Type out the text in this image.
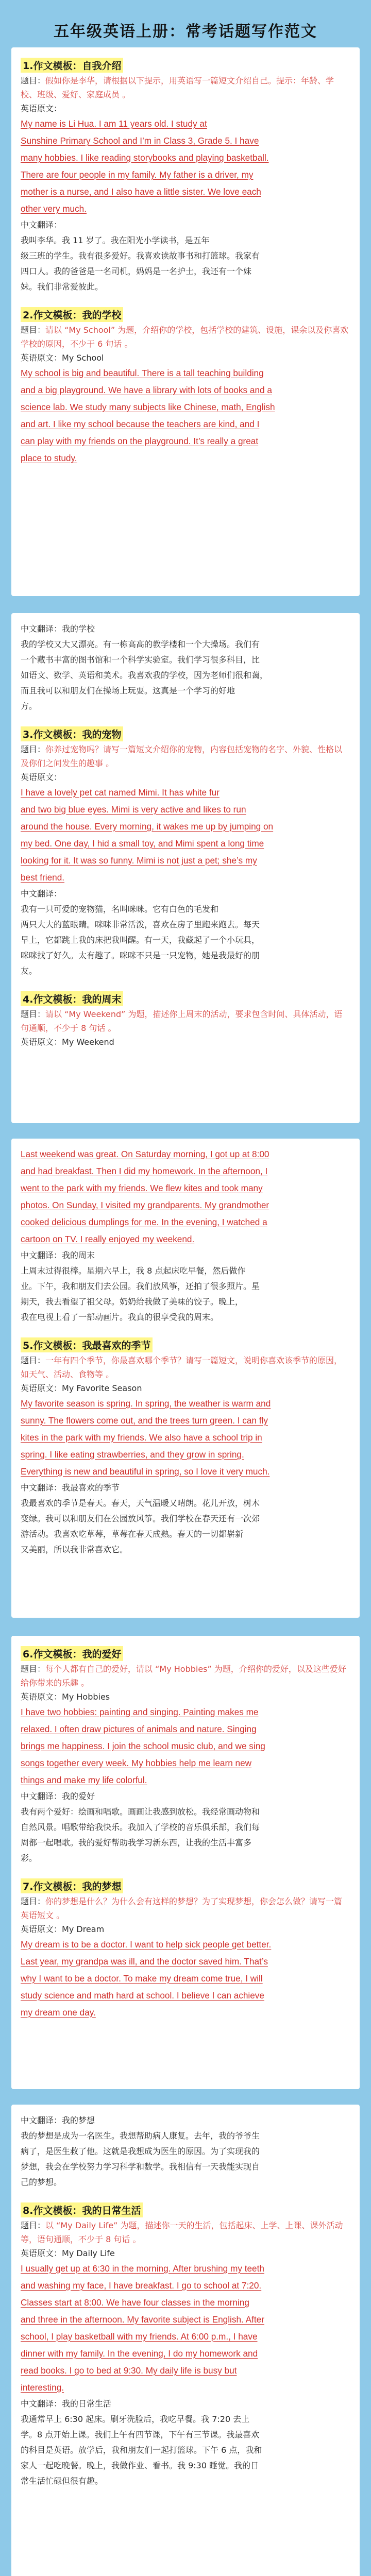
五年级英语上册：常考话题写作范文
1.作文模板：自我介绍
题目：假如你是李华，请根据以下提示，用英语写一篇短文介绍自己。提示：年龄、学校、班级、爱好、家庭成员 。
英语原文：
My name is Li Hua. I am 11 years old. I study at
Sunshine Primary School and I’m in Class 3, Grade 5. I have
many hobbies. I like reading storybooks and playing basketball.
There are four people in my family. My father is a driver, my
mother is a nurse, and I also have a little sister. We love each
other very much.
中文翻译：
我叫李华。我 11 岁了。我在阳光小学读书，是五年
级三班的学生。我有很多爱好。我喜欢读故事书和打篮球。我家有
四口人。我的爸爸是一名司机，妈妈是一名护士，我还有一个妹
妹。我们非常爱彼此。
2.作文模板：我的学校
题目：请以 “My School” 为题，介绍你的学校，包括学校的建筑、设施，课余以及你喜欢学校的原因，不少于 6 句话 。
英语原文：My School
My school is big and beautiful. There is a tall teaching building
and a big playground. We have a library with lots of books and a
science lab. We study many subjects like Chinese, math, English
and art. I like my school because the teachers are kind, and I
can play with my friends on the playground. It’s really a great
place to study.
中文翻译：我的学校
我的学校又大又漂亮。有一栋高高的教学楼和一个大操场。我们有
一个藏书丰富的图书馆和一个科学实验室。我们学习很多科目，比
如语文、数学、英语和美术。我喜欢我的学校，因为老师们很和蔼，
而且我可以和朋友们在操场上玩耍。这真是一个学习的好地
方。
3.作文模板：我的宠物
题目：你养过宠物吗？请写一篇短文介绍你的宠物，内容包括宠物的名字、外貌、性格以及你们之间发生的趣事 。
英语原文：
I have a lovely pet cat named Mimi. It has white fur
and two big blue eyes. Mimi is very active and likes to run
around the house. Every morning, it wakes me up by jumping on
my bed. One day, I hid a small toy, and Mimi spent a long time
looking for it. It was so funny. Mimi is not just a pet; she’s my
best friend.
中文翻译：
我有一只可爱的宠物猫，名叫咪咪。它有白色的毛发和
两只大大的蓝眼睛。咪咪非常活泼，喜欢在房子里跑来跑去。每天
早上，它都跳上我的床把我叫醒。有一天，我藏起了一个小玩具，
咪咪找了好久。太有趣了。咪咪不只是一只宠物，她是我最好的朋
友。
4.作文模板：我的周末
题目：请以 “My Weekend” 为题，描述你上周末的活动，要求包含时间、具体活动，语句通顺，不少于 8 句话 。
英语原文：My Weekend
Last weekend was great. On Saturday morning, I got up at 8:00
and had breakfast. Then I did my homework. In the afternoon, I
went to the park with my friends. We flew kites and took many
photos. On Sunday, I visited my grandparents. My grandmother
cooked delicious dumplings for me. In the evening, I watched a
cartoon on TV. I really enjoyed my weekend.
中文翻译：我的周末
上周末过得很棒。星期六早上，我 8 点起床吃早餐，然后做作
业。下午，我和朋友们去公园。我们放风筝，还拍了很多照片。星
期天，我去看望了祖父母。奶奶给我做了美味的饺子。晚上，
我在电视上看了一部动画片。我真的很享受我的周末。
5.作文模板：我最喜欢的季节
题目：一年有四个季节，你最喜欢哪个季节？请写一篇短文，说明你喜欢该季节的原因，如天气、活动、食物等 。
英语原文：My Favorite Season
My favorite season is spring. In spring, the weather is warm and
sunny. The flowers come out, and the trees turn green. I can fly
kites in the park with my friends. We also have a school trip in
spring. I like eating strawberries, and they grow in spring.
Everything is new and beautiful in spring, so I love it very much.
中文翻译：我最喜欢的季节
我最喜欢的季节是春天。春天，天气温暖又晴朗。花儿开放，树木
变绿。我可以和朋友们在公园放风筝。我们学校在春天还有一次郊
游活动。我喜欢吃草莓，草莓在春天成熟。春天的一切都崭新
又美丽，所以我非常喜欢它。
6.作文模板：我的爱好
题目：每个人都有自己的爱好，请以 “My Hobbies” 为题，介绍你的爱好，以及这些爱好给你带来的乐趣 。
英语原文：My Hobbies
I have two hobbies: painting and singing. Painting makes me
relaxed. I often draw pictures of animals and nature. Singing
brings me happiness. I join the school music club, and we sing
songs together every week. My hobbies help me learn new
things and make my life colorful.
中文翻译：我的爱好
我有两个爱好：绘画和唱歌。画画让我感到放松。我经常画动物和
自然风景。唱歌带给我快乐。我加入了学校的音乐俱乐部，我们每
周都一起唱歌。我的爱好帮助我学习新东西，让我的生活丰富多
彩。
7.作文模板：我的梦想
题目：你的梦想是什么？为什么会有这样的梦想？为了实现梦想，你会怎么做？请写一篇英语短文 。
英语原文：My Dream
My dream is to be a doctor. I want to help sick people get better.
Last year, my grandpa was ill, and the doctor saved him. That’s
why I want to be a doctor. To make my dream come true, I will
study science and math hard at school. I believe I can achieve
my dream one day.
中文翻译：我的梦想
我的梦想是成为一名医生。我想帮助病人康复。去年，我的爷爷生
病了，是医生救了他。这就是我想成为医生的原因。为了实现我的
梦想，我会在学校努力学习科学和数学。我相信有一天我能实现自
己的梦想。
8.作文模板：我的日常生活
题目：以 “My Daily Life” 为题，描述你一天的生活，包括起床、上学、上课、课外活动等，语句通顺，不少于 8 句话 。
英语原文：My Daily Life
I usually get up at 6:30 in the morning. After brushing my teeth
and washing my face, I have breakfast. I go to school at 7:20.
Classes start at 8:00. We have four classes in the morning
and three in the afternoon. My favorite subject is English. After
school, I play basketball with my friends. At 6:00 p.m., I have
dinner with my family. In the evening, I do my homework and
read books. I go to bed at 9:30. My daily life is busy but
interesting.
中文翻译：我的日常生活
我通常早上 6:30 起床。刷牙洗脸后，我吃早餐。我 7:20 去上
学。8 点开始上课。我们上午有四节课，下午有三节课。我最喜欢
的科目是英语。放学后，我和朋友们一起打篮球。下午 6 点，我和
家人一起吃晚餐。晚上，我做作业、看书。我 9:30 睡觉。我的日
常生活忙碌但很有趣。
